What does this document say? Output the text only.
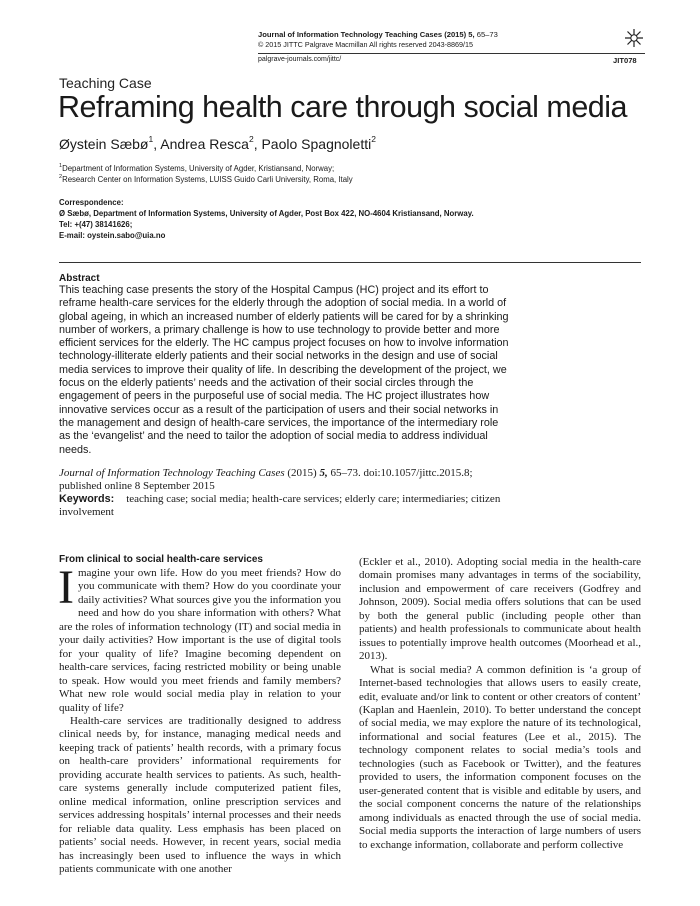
Journal of Information Technology Teaching Cases (2015) 5, 65–73
© 2015 JITTC Palgrave Macmillan All rights reserved 2043-8869/15
palgrave-journals.com/jittc/	JIT078
Teaching Case
Reframing health care through social media
Øystein Sæbø$^1$, Andrea Resca$^2$, Paolo Spagnoletti$^2$
$^1$Department of Information Systems, University of Agder, Kristiansand, Norway;
$^2$Research Center on Information Systems, LUISS Guido Carli University, Roma, Italy
Correspondence:
Ø Sæbø, Department of Information Systems, University of Agder, Post Box 422, NO-4604 Kristiansand, Norway.
Tel: +(47) 38141626;
E-mail: oystein.sabo@uia.no
Abstract

This teaching case presents the story of the Hospital Campus (HC) project and its effort to reframe health-care services for the elderly through the adoption of social media. In a world of global ageing, in which an increased number of elderly patients will be cared for by a shrinking number of workers, a primary challenge is how to use technology to provide better and more efficient services for the elderly. The HC campus project focuses on how to involve information technology-illiterate elderly patients and their social networks in the design and use of social media services to improve their quality of life. In describing the development of the project, we focus on the elderly patients’ needs and the activation of their social circles through the engagement of peers in the purposeful use of social media. The HC project illustrates how innovative services occur as a result of the participation of users and their social networks in the management and design of health-care services, the importance of the intermediary role as the ‘evangelist’ and the need to tailor the adoption of social media to address individual needs.

Journal of Information Technology Teaching Cases (2015) 5, 65–73. doi:10.1057/jittc.2015.8;
published online 8 September 2015
Keywords: teaching case; social media; health-care services; elderly care; intermediaries; citizen involvement
From clinical to social health-care services

Imagine your own life. How do you meet friends? How do you communicate with them? How do you coordinate your daily activities? What sources give you the information you need and how do you share information with others? What are the roles of information technology (IT) and social media in your daily activities? How important is the use of digital tools for your quality of life? Imagine becoming dependent on health-care services, facing restricted mobility or being unable to speak. How would you meet friends and family members? What new role would social media play in relation to your quality of life?

Health-care services are traditionally designed to address clinical needs by, for instance, managing medical needs and keeping track of patients’ health records, with a primary focus on health-care providers’ informational requirements for providing accurate health services to patients. As such, health-care systems generally include computerized patient files, online medical information, online prescription services and services addressing hospitals’ internal processes and their needs for reliable data quality. Less emphasis has been placed on patients’ social needs. However, in recent years, social media has increasingly been used to influence the ways in which patients communicate with one another

(Eckler et al., 2010). Adopting social media in the health-care domain promises many advantages in terms of the sociability, inclusion and empowerment of care receivers (Godfrey and Johnson, 2009). Social media offers solutions that can be used by both the general public (including people other than patients) and health professionals to communicate about health issues to potentially improve health outcomes (Moorhead et al., 2013).

What is social media? A common definition is ‘a group of Internet-based technologies that allows users to easily create, edit, evaluate and/or link to content or other creators of content’ (Kaplan and Haenlein, 2010). To better understand the concept of social media, we may explore the nature of its technological, informational and social features (Lee et al., 2015). The technology component relates to social media’s tools and technologies (such as Facebook or Twitter), and the features provided to users, the information component focuses on the user-generated content that is visible and editable by users, and the social component concerns the nature of the relationships among individuals as enacted through the use of social media. Social media supports the interaction of large numbers of users to exchange information, collaborate and perform collective
